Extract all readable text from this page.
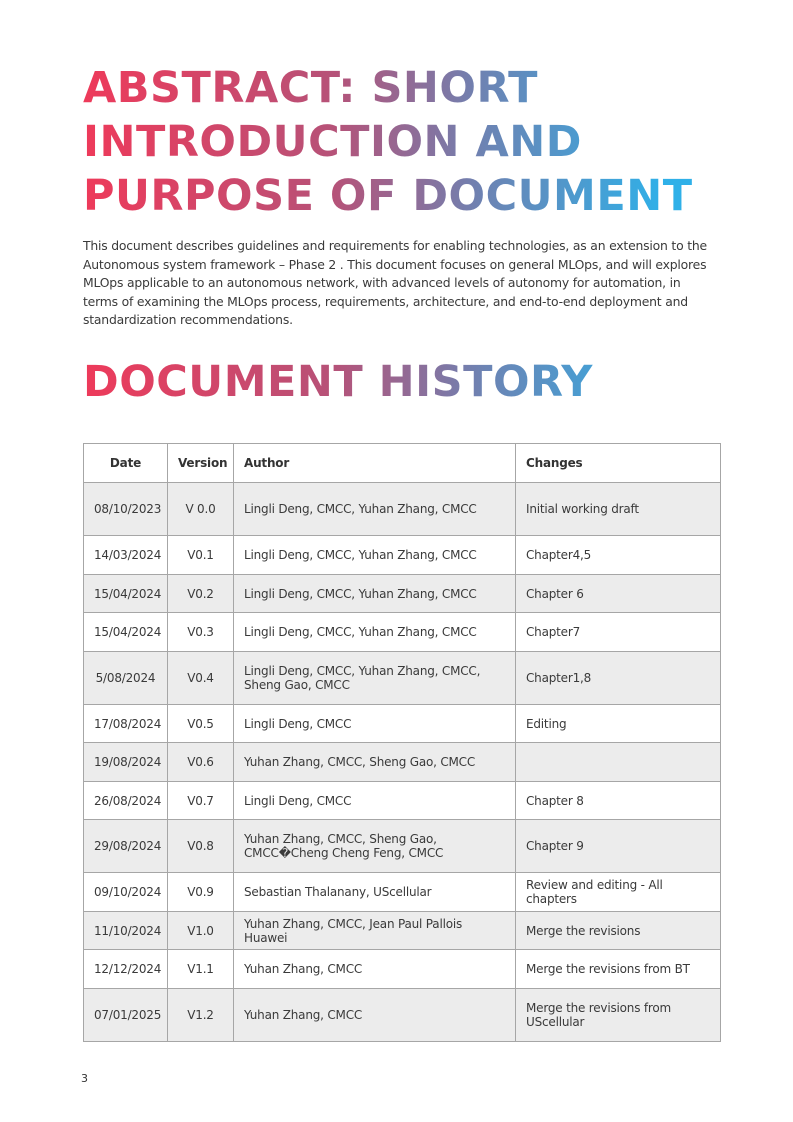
ABSTRACT: SHORT
INTRODUCTION AND
PURPOSE OF DOCUMENT

This document describes guidelines and requirements for enabling technologies, as an extension to the Autonomous system framework – Phase 2 . This document focuses on general MLOps, and will explores MLOps applicable to an autonomous network, with advanced levels of autonomy for automation, in terms of examining the MLOps process, requirements, architecture, and end-to-end deployment and standardization recommendations.

DOCUMENT HISTORY
Date	Version	Author	Changes
08/10/2023	V 0.0	Lingli Deng, CMCC, Yuhan Zhang, CMCC	Initial working draft
14/03/2024	V0.1	Lingli Deng, CMCC, Yuhan Zhang, CMCC	Chapter4,5
15/04/2024	V0.2	Lingli Deng, CMCC, Yuhan Zhang, CMCC	Chapter 6
15/04/2024	V0.3	Lingli Deng, CMCC, Yuhan Zhang, CMCC	Chapter7
5/08/2024	V0.4	Lingli Deng, CMCC, Yuhan Zhang, CMCC, Sheng Gao, CMCC	Chapter1,8
17/08/2024	V0.5	Lingli Deng, CMCC	Editing
19/08/2024	V0.6	Yuhan Zhang, CMCC, Sheng Gao, CMCC	
26/08/2024	V0.7	Lingli Deng, CMCC	Chapter 8
29/08/2024	V0.8	Yuhan Zhang, CMCC, Sheng Gao, CMCC�Cheng Cheng Feng, CMCC	Chapter 9
09/10/2024	V0.9	Sebastian Thalanany, UScellular	Review and editing - All chapters
11/10/2024	V1.0	Yuhan Zhang, CMCC, Jean Paul Pallois Huawei	Merge the revisions
12/12/2024	V1.1	Yuhan Zhang, CMCC	Merge the revisions from BT
07/01/2025	V1.2	Yuhan Zhang, CMCC	Merge the revisions from UScellular
3
